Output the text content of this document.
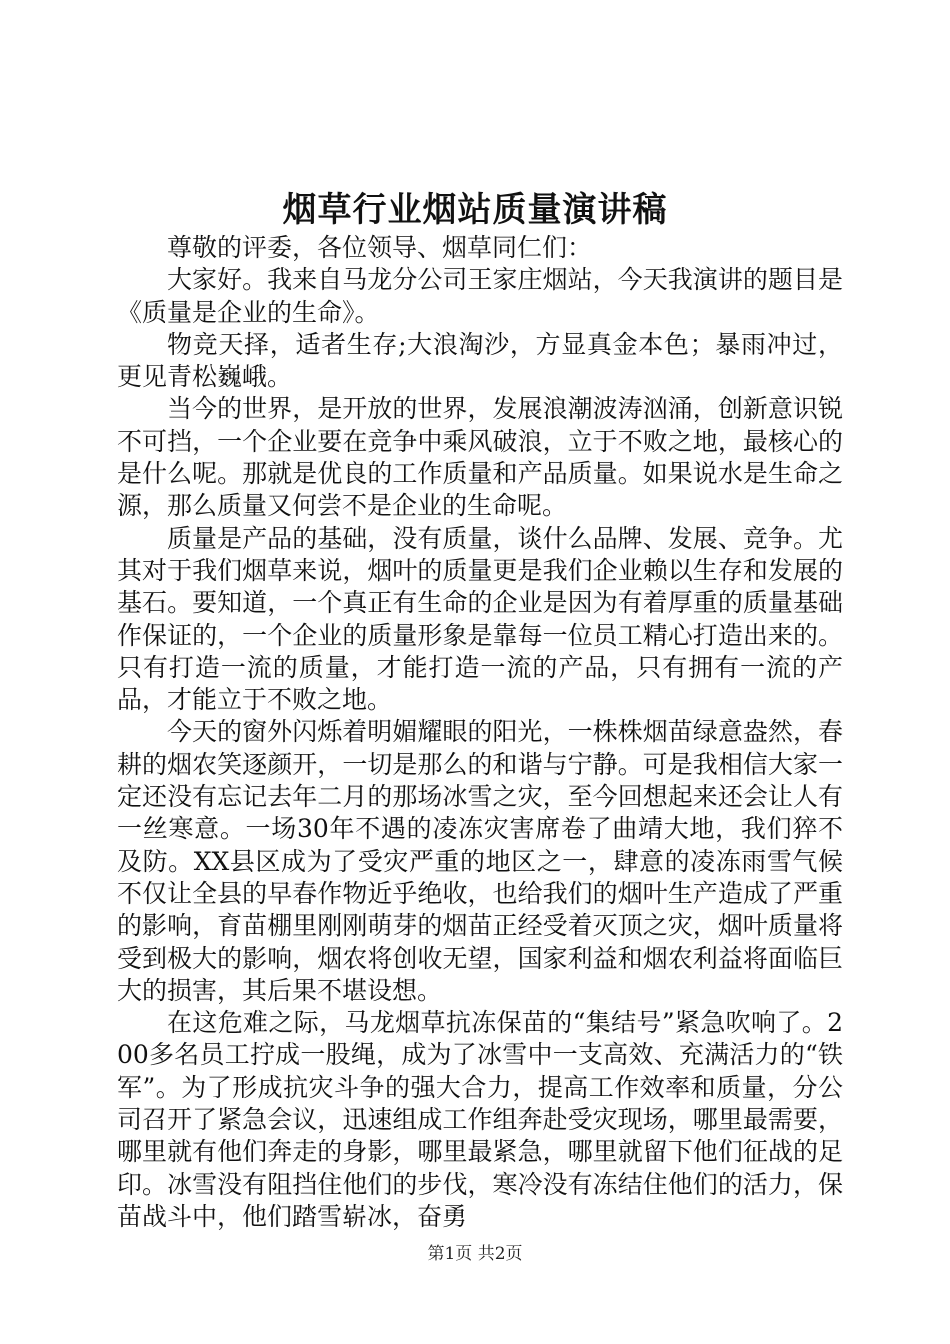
烟草行业烟站质量演讲稿

尊敬的评委，各位领导、烟草同仁们：

大家好。我来自马龙分公司王家庄烟站，今天我演讲的题目是《质量是企业的生命》。

物竞天择，适者生存;大浪淘沙，方显真金本色；暴雨冲过，更见青松巍峨。

当今的世界，是开放的世界，发展浪潮波涛汹涌，创新意识锐不可挡，一个企业要在竞争中乘风破浪，立于不败之地，最核心的是什么呢。那就是优良的工作质量和产品质量。如果说水是生命之源，那么质量又何尝不是企业的生命呢。

质量是产品的基础，没有质量，谈什么品牌、发展、竞争。尤其对于我们烟草来说，烟叶的质量更是我们企业赖以生存和发展的基石。要知道，一个真正有生命的企业是因为有着厚重的质量基础作保证的，一个企业的质量形象是靠每一位员工精心打造出来的。只有打造一流的质量，才能打造一流的产品，只有拥有一流的产品，才能立于不败之地。

今天的窗外闪烁着明媚耀眼的阳光，一株株烟苗绿意盎然，春耕的烟农笑逐颜开，一切是那么的和谐与宁静。可是我相信大家一定还没有忘记去年二月的那场冰雪之灾，至今回想起来还会让人有一丝寒意。一场30年不遇的凌冻灾害席卷了曲靖大地，我们猝不及防。XX县区成为了受灾严重的地区之一，肆意的凌冻雨雪气候不仅让全县的早春作物近乎绝收，也给我们的烟叶生产造成了严重的影响，育苗棚里刚刚萌芽的烟苗正经受着灭顶之灾，烟叶质量将受到极大的影响，烟农将创收无望，国家利益和烟农利益将面临巨大的损害，其后果不堪设想。

在这危难之际，马龙烟草抗冻保苗的“集结号”紧急吹响了。200多名员工拧成一股绳，成为了冰雪中一支高效、充满活力的“铁军”。为了形成抗灾斗争的强大合力，提高工作效率和质量，分公司召开了紧急会议，迅速组成工作组奔赴受灾现场，哪里最需要，哪里就有他们奔走的身影，哪里最紧急，哪里就留下他们征战的足印。冰雪没有阻挡住他们的步伐，寒冷没有冻结住他们的活力，保苗战斗中，他们踏雪崭冰，奋勇

第1页 共2页
